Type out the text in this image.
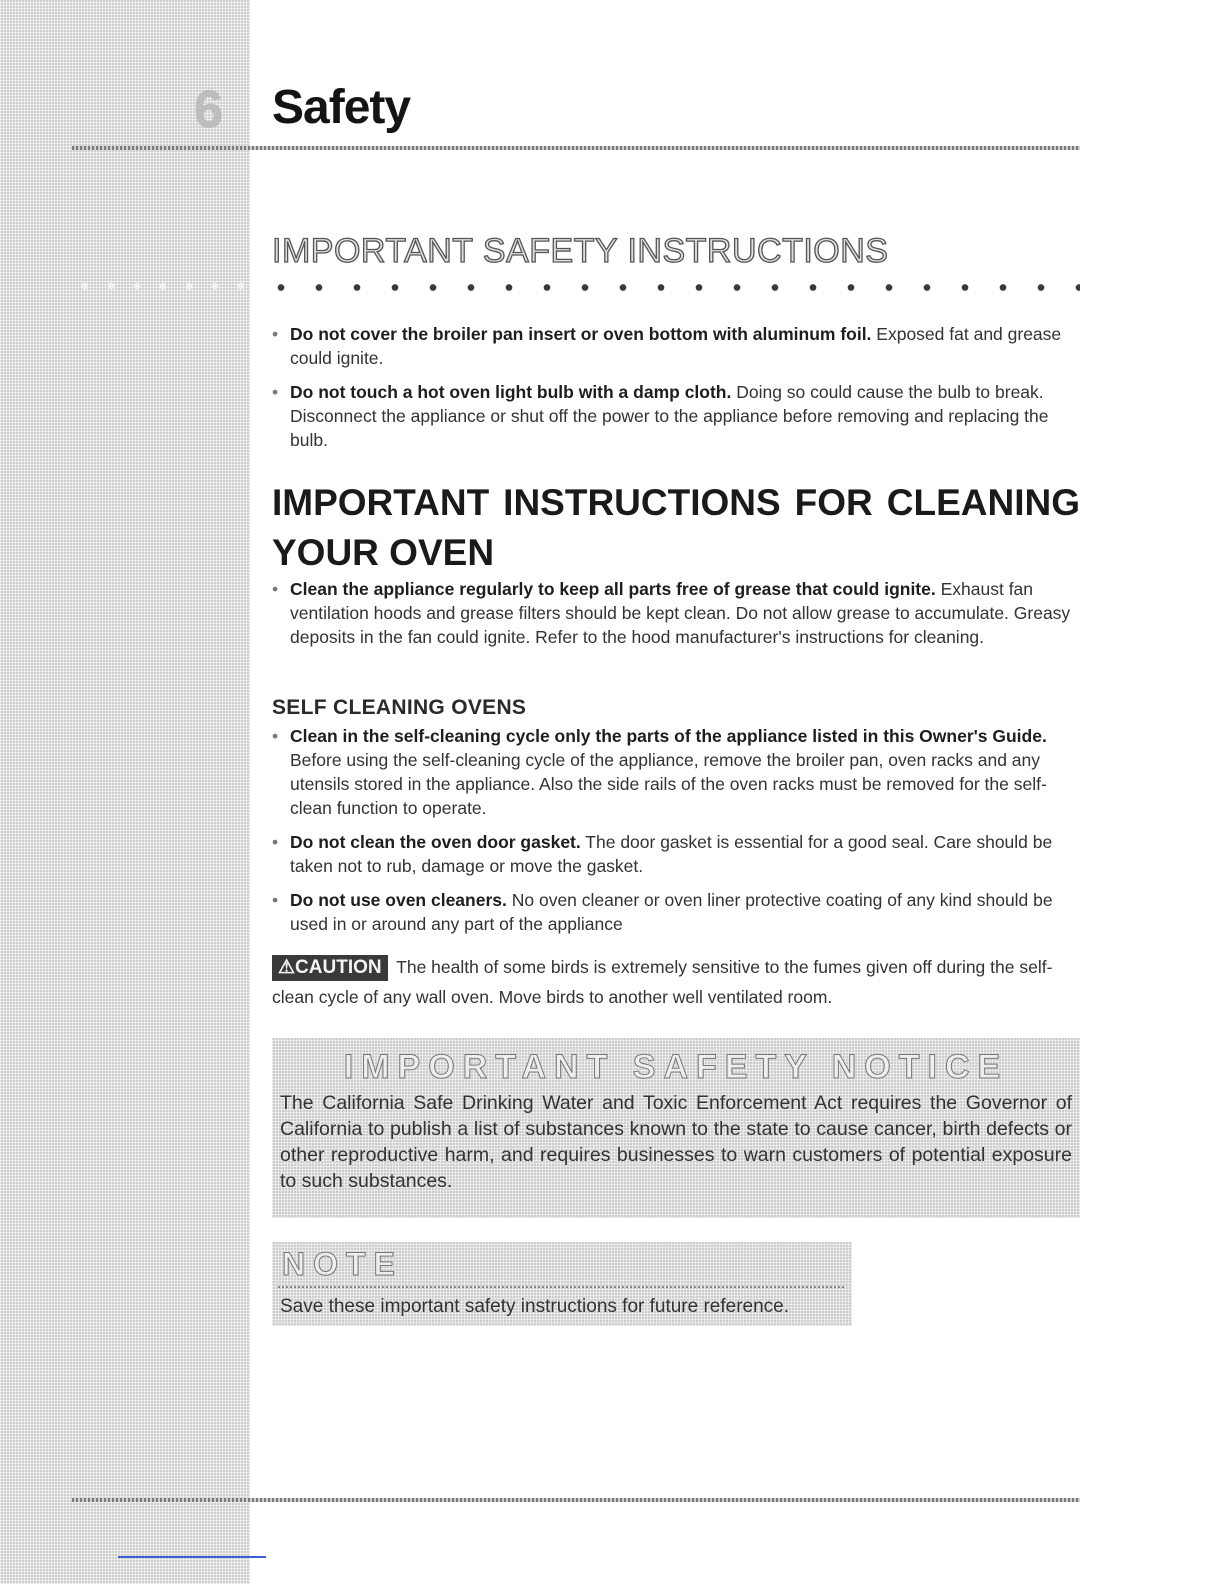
6 Safety
IMPORTANT SAFETY INSTRUCTIONS
• Do not cover the broiler pan insert or oven bottom with aluminum foil. Exposed fat and grease could ignite.
• Do not touch a hot oven light bulb with a damp cloth. Doing so could cause the bulb to break. Disconnect the appliance or shut off the power to the appliance before removing and replacing the bulb.
IMPORTANT INSTRUCTIONS FOR CLEANING YOUR OVEN
• Clean the appliance regularly to keep all parts free of grease that could ignite. Exhaust fan ventilation hoods and grease filters should be kept clean. Do not allow grease to accumulate. Greasy deposits in the fan could ignite. Refer to the hood manufacturer's instructions for cleaning.
SELF CLEANING OVENS
• Clean in the self-cleaning cycle only the parts of the appliance listed in this Owner's Guide. Before using the self-cleaning cycle of the appliance, remove the broiler pan, oven racks and any utensils stored in the appliance. Also the side rails of the oven racks must be removed for the self-clean function to operate.
• Do not clean the oven door gasket. The door gasket is essential for a good seal. Care should be taken not to rub, damage or move the gasket.
• Do not use oven cleaners. No oven cleaner or oven liner protective coating of any kind should be used in or around any part of the appliance

⚠CAUTION The health of some birds is extremely sensitive to the fumes given off during the self-clean cycle of any wall oven. Move birds to another well ventilated room.

IMPORTANT SAFETY NOTICE
The California Safe Drinking Water and Toxic Enforcement Act requires the Governor of California to publish a list of substances known to the state to cause cancer, birth defects or other reproductive harm, and requires businesses to warn customers of potential exposure to such substances.
NOTE
Save these important safety instructions for future reference.
